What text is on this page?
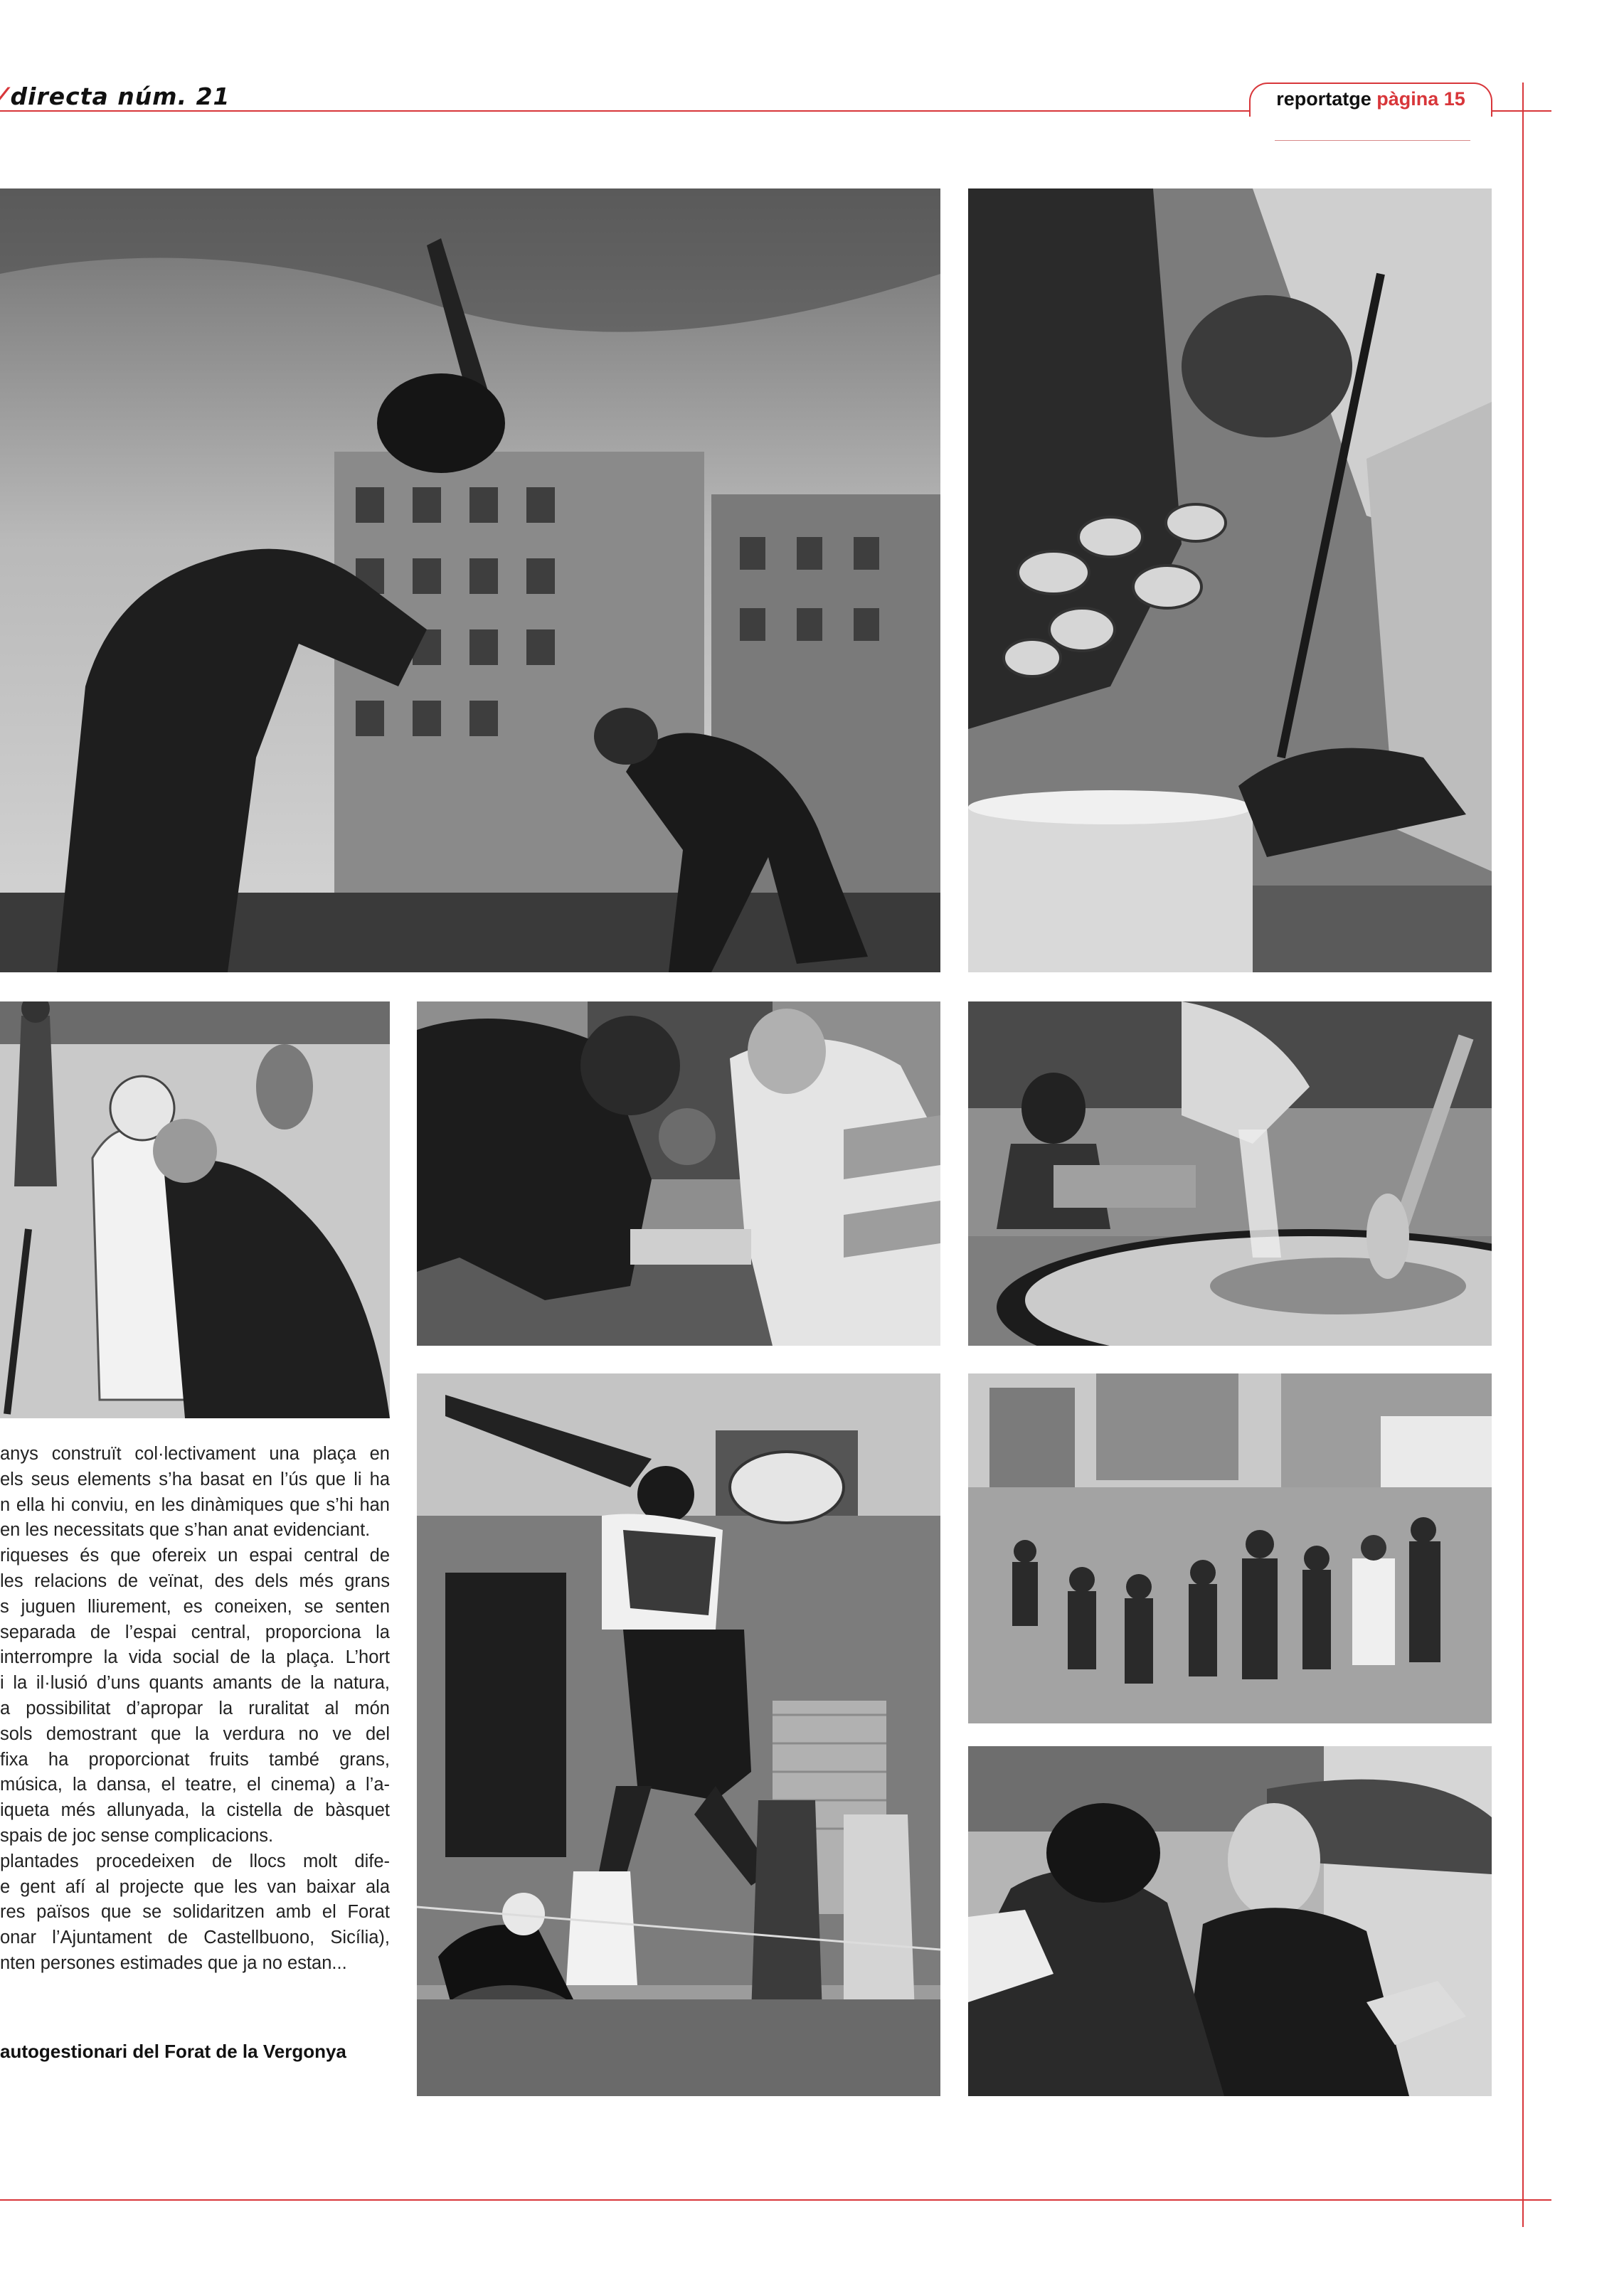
⁄ directa núm. 21	reportatge pàgina 15
anys construït col·lectivament una plaça en
els seus elements s’ha basat en l’ús que li ha
n ella hi conviu, en les dinàmiques que s’hi han
en les necessitats que s’han anat evidenciant.
riqueses és que ofereix un espai central de
les relacions de veïnat, des dels més grans
s juguen lliurement, es coneixen, se senten
separada de l’espai central, proporciona la
interrompre la vida social de la plaça. L’hort
i la il·lusió d’uns quants amants de la natura,
a possibilitat d’apropar la ruralitat al món
sols demostrant que la verdura no ve del
fixa ha proporcionat fruits també grans,
música, la dansa, el teatre, el cinema) a l’a-
iqueta més allunyada, la cistella de bàsquet
spais de joc sense complicacions.
plantades procedeixen de llocs molt dife-
e gent afí al projecte que les van baixar ala
res països que se solidaritzen amb el Forat
onar l’Ajuntament de Castellbuono, Sicília),
nten persones estimades que ja no estan...
autogestionari del Forat de la Vergonya
